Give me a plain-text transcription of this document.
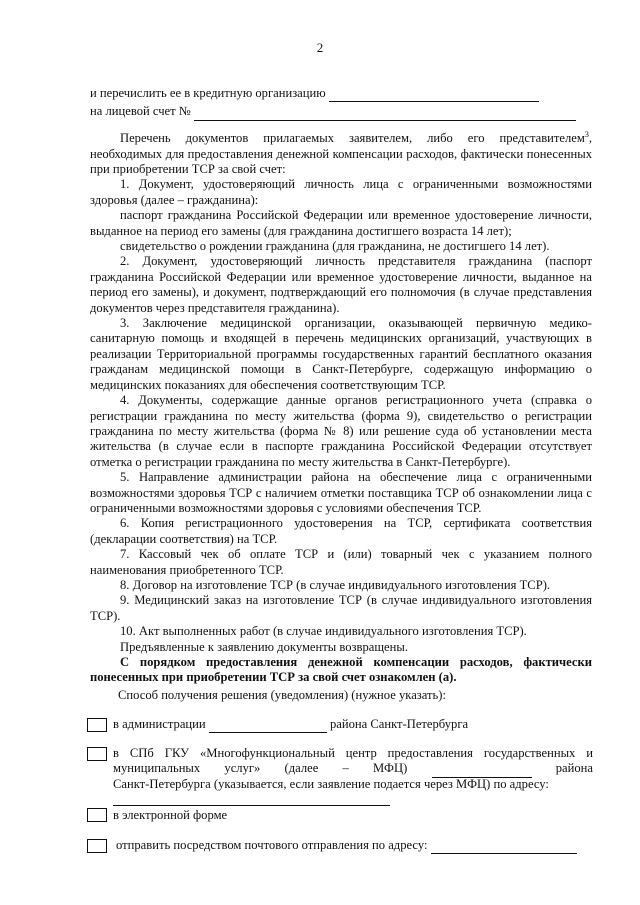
2
и перечислить ее в кредитную организацию
на лицевой счет №
Перечень документов прилагаемых заявителем, либо его представителем$^3$, необходимых для предоставления денежной компенсации расходов, фактически понесенных при приобретении ТСР за свой счет:
1. Документ, удостоверяющий личность лица с ограниченными возможностями здоровья (далее – гражданина):
паспорт гражданина Российской Федерации или временное удостоверение личности, выданное на период его замены (для гражданина достигшего возраста 14 лет);
свидетельство о рождении гражданина (для гражданина, не достигшего 14 лет).
2. Документ, удостоверяющий личность представителя гражданина (паспорт гражданина Российской Федерации или временное удостоверение личности, выданное на период его замены), и документ, подтверждающий его полномочия (в случае представления документов через представителя гражданина).
3. Заключение медицинской организации, оказывающей первичную медико-санитарную помощь и входящей в перечень медицинских организаций, участвующих в реализации Территориальной программы государственных гарантий бесплатного оказания гражданам медицинской помощи в Санкт-Петербурге, содержащую информацию о медицинских показаниях для обеспечения соответствующим ТСР.
4. Документы, содержащие данные органов регистрационного учета (справка о регистрации гражданина по месту жительства (форма 9), свидетельство о регистрации гражданина по месту жительства (форма № 8) или решение суда об установлении места жительства (в случае если в паспорте гражданина Российской Федерации отсутствует отметка о регистрации гражданина по месту жительства в Санкт-Петербурге).
5. Направление администрации района на обеспечение лица с ограниченными возможностями здоровья ТСР с наличием отметки поставщика ТСР об ознакомлении лица с ограниченными возможностями здоровья с условиями обеспечения ТСР.
6. Копия регистрационного удостоверения на ТСР, сертификата соответствия (декларации соответствия) на ТСР.
7. Кассовый чек об оплате ТСР и (или) товарный чек с указанием полного наименования приобретенного ТСР.
8. Договор на изготовление ТСР (в случае индивидуального изготовления ТСР).
9. Медицинский заказ на изготовление ТСР (в случае индивидуального изготовления ТСР).
10. Акт выполненных работ (в случае индивидуального изготовления ТСР).
Предъявленные к заявлению документы возвращены.
С порядком предоставления денежной компенсации расходов, фактически понесенных при приобретении ТСР за свой счет ознакомлен (а).
Способ получения решения (уведомления) (нужное указать):
в администрации	района Санкт-Петербурга
в СПб ГКУ «Многофункциональный центр предоставления государственных и муниципальных услуг» (далее – МФЦ)	района
Санкт-Петербурга (указывается, если заявление подается через МФЦ) по адресу:
в электронной форме
отправить посредством почтового отправления по адресу:
